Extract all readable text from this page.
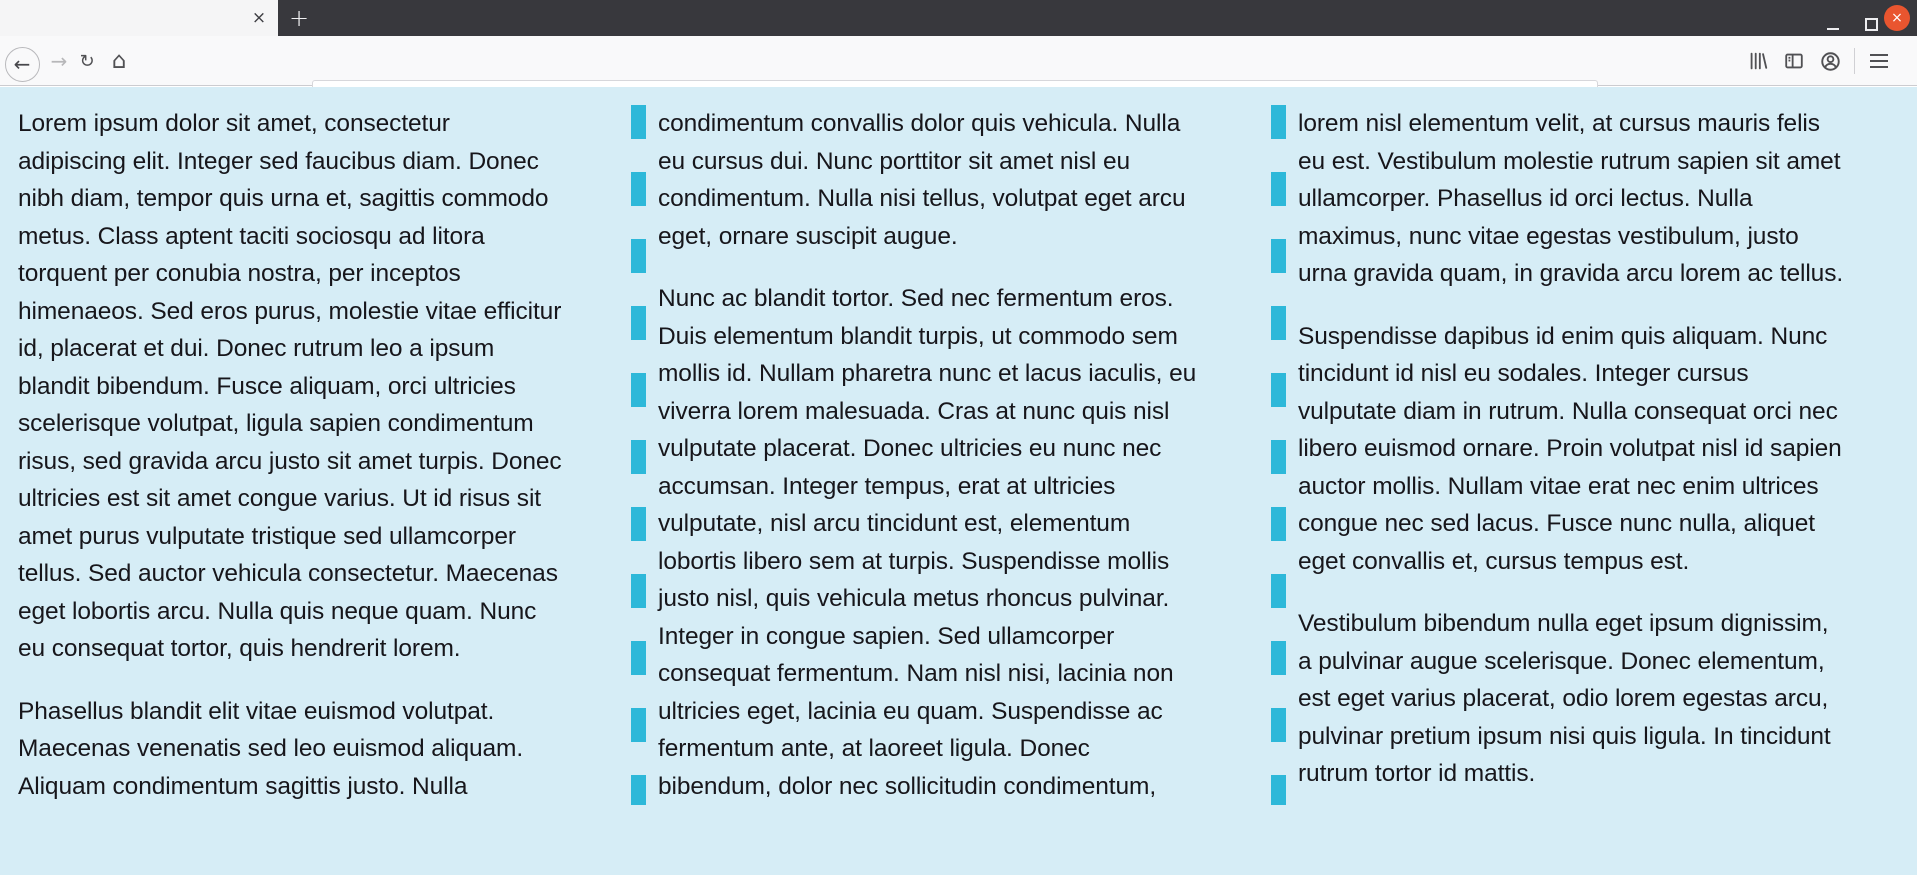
× +	×
←	→ ↻ ⌂
Lorem ipsum dolor sit amet, consectetur
adipiscing elit. Integer sed faucibus diam. Donec
nibh diam, tempor quis urna et, sagittis commodo
metus. Class aptent taciti sociosqu ad litora
torquent per conubia nostra, per inceptos
himenaeos. Sed eros purus, molestie vitae efficitur
id, placerat et dui. Donec rutrum leo a ipsum
blandit bibendum. Fusce aliquam, orci ultricies
scelerisque volutpat, ligula sapien condimentum
risus, sed gravida arcu justo sit amet turpis. Donec
ultricies est sit amet congue varius. Ut id risus sit
amet purus vulputate tristique sed ullamcorper
tellus. Sed auctor vehicula consectetur. Maecenas
eget lobortis arcu. Nulla quis neque quam. Nunc
eu consequat tortor, quis hendrerit lorem.
Phasellus blandit elit vitae euismod volutpat.
Maecenas venenatis sed leo euismod aliquam.
Aliquam condimentum sagittis justo. Nulla
condimentum convallis dolor quis vehicula. Nulla
eu cursus dui. Nunc porttitor sit amet nisl eu
condimentum. Nulla nisi tellus, volutpat eget arcu
eget, ornare suscipit augue.
Nunc ac blandit tortor. Sed nec fermentum eros.
Duis elementum blandit turpis, ut commodo sem
mollis id. Nullam pharetra nunc et lacus iaculis, eu
viverra lorem malesuada. Cras at nunc quis nisl
vulputate placerat. Donec ultricies eu nunc nec
accumsan. Integer tempus, erat at ultricies
vulputate, nisl arcu tincidunt est, elementum
lobortis libero sem at turpis. Suspendisse mollis
justo nisl, quis vehicula metus rhoncus pulvinar.
Integer in congue sapien. Sed ullamcorper
consequat fermentum. Nam nisl nisi, lacinia non
ultricies eget, lacinia eu quam. Suspendisse ac
fermentum ante, at laoreet ligula. Donec
bibendum, dolor nec sollicitudin condimentum,
lorem nisl elementum velit, at cursus mauris felis
eu est. Vestibulum molestie rutrum sapien sit amet
ullamcorper. Phasellus id orci lectus. Nulla
maximus, nunc vitae egestas vestibulum, justo
urna gravida quam, in gravida arcu lorem ac tellus.
Suspendisse dapibus id enim quis aliquam. Nunc
tincidunt id nisl eu sodales. Integer cursus
vulputate diam in rutrum. Nulla consequat orci nec
libero euismod ornare. Proin volutpat nisl id sapien
auctor mollis. Nullam vitae erat nec enim ultrices
congue nec sed lacus. Fusce nunc nulla, aliquet
eget convallis et, cursus tempus est.
Vestibulum bibendum nulla eget ipsum dignissim,
a pulvinar augue scelerisque. Donec elementum,
est eget varius placerat, odio lorem egestas arcu,
pulvinar pretium ipsum nisi quis ligula. In tincidunt
rutrum tortor id mattis.
